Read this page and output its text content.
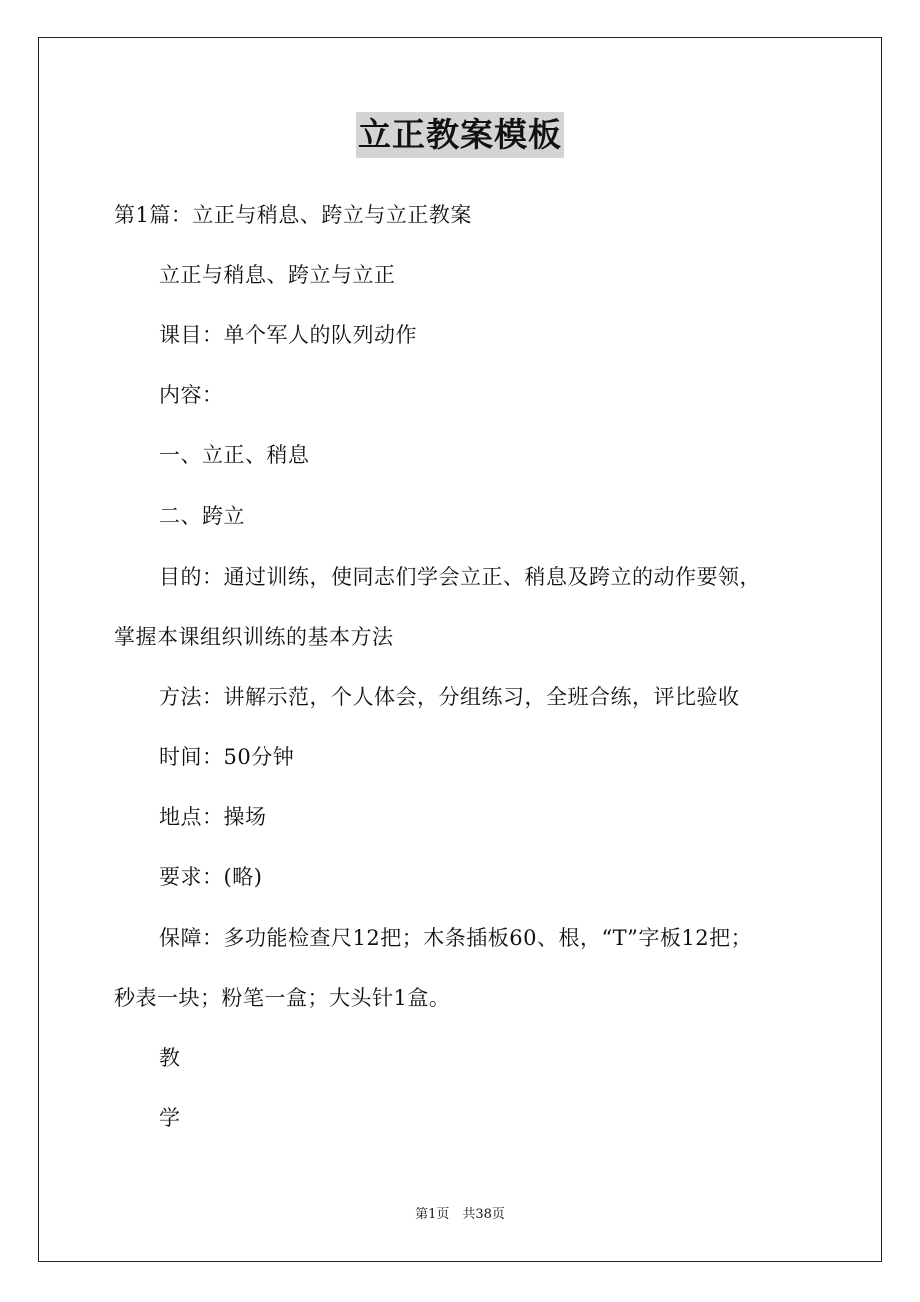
立正教案模板
第1篇：立正与稍息、跨立与立正教案
立正与稍息、跨立与立正
课目：单个军人的队列动作
内容：
一、立正、稍息
二、跨立
目的：通过训练，使同志们学会立正、稍息及跨立的动作要领，
掌握本课组织训练的基本方法
方法：讲解示范，个人体会，分组练习，全班合练，评比验收
时间：50分钟
地点：操场
要求：(略)
保障：多功能检查尺12把；木条插板60、根，“T”字板12把；
秒表一块；粉笔一盒；大头针1盒。
教
学
第1页　共38页
